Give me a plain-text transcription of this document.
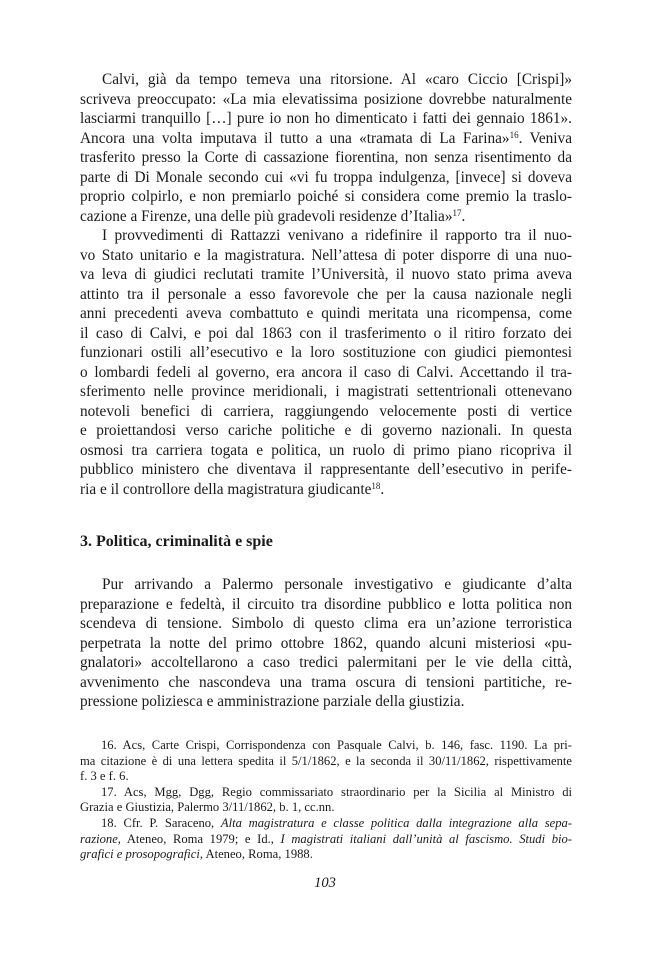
Calvi, già da tempo temeva una ritorsione. Al «caro Ciccio [Crispi]»
scriveva preoccupato: «La mia elevatissima posizione dovrebbe naturalmente
lasciarmi tranquillo […] pure io non ho dimenticato i fatti dei gennaio 1861».
Ancora una volta imputava il tutto a una «tramata di La Farina»$^{16}$. Veniva
trasferito presso la Corte di cassazione fiorentina, non senza risentimento da
parte di Di Monale secondo cui «vi fu troppa indulgenza, [invece] si doveva
proprio colpirlo, e non premiarlo poiché si considera come premio la traslo-
cazione a Firenze, una delle più gradevoli residenze d’Italia»$^{17}$.
I provvedimenti di Rattazzi venivano a ridefinire il rapporto tra il nuo-
vo Stato unitario e la magistratura. Nell’attesa di poter disporre di una nuo-
va leva di giudici reclutati tramite l’Università, il nuovo stato prima aveva
attinto tra il personale a esso favorevole che per la causa nazionale negli
anni precedenti aveva combattuto e quindi meritata una ricompensa, come
il caso di Calvi, e poi dal 1863 con il trasferimento o il ritiro forzato dei
funzionari ostili all’esecutivo e la loro sostituzione con giudici piemontesi
o lombardi fedeli al governo, era ancora il caso di Calvi. Accettando il tra-
sferimento nelle province meridionali, i magistrati settentrionali ottenevano
notevoli benefici di carriera, raggiungendo velocemente posti di vertice
e proiettandosi verso cariche politiche e di governo nazionali. In questa
osmosi tra carriera togata e politica, un ruolo di primo piano ricopriva il
pubblico ministero che diventava il rappresentante dell’esecutivo in perife-
ria e il controllore della magistratura giudicante$^{18}$.
3. Politica, criminalità e spie
Pur arrivando a Palermo personale investigativo e giudicante d’alta
preparazione e fedeltà, il circuito tra disordine pubblico e lotta politica non
scendeva di tensione. Simbolo di questo clima era un’azione terroristica
perpetrata la notte del primo ottobre 1862, quando alcuni misteriosi «pu-
gnalatori» accoltellarono a caso tredici palermitani per le vie della città,
avvenimento che nascondeva una trama oscura di tensioni partitiche, re-
pressione poliziesca e amministrazione parziale della giustizia.
16. Acs, Carte Crispi, Corrispondenza con Pasquale Calvi, b. 146, fasc. 1190. La pri-
ma citazione è di una lettera spedita il 5/1/1862, e la seconda il 30/11/1862, rispettivamente
f. 3 e f. 6.
17. Acs, Mgg, Dgg, Regio commissariato straordinario per la Sicilia al Ministro di
Grazia e Giustizia, Palermo 3/11/1862, b. 1, cc.nn.
18. Cfr. P. Saraceno, Alta magistratura e classe politica dalla integrazione alla sepa-
razione, Ateneo, Roma 1979; e Id., I magistrati italiani dall’unità al fascismo. Studi bio-
grafici e prosopografici, Ateneo, Roma, 1988.
103
